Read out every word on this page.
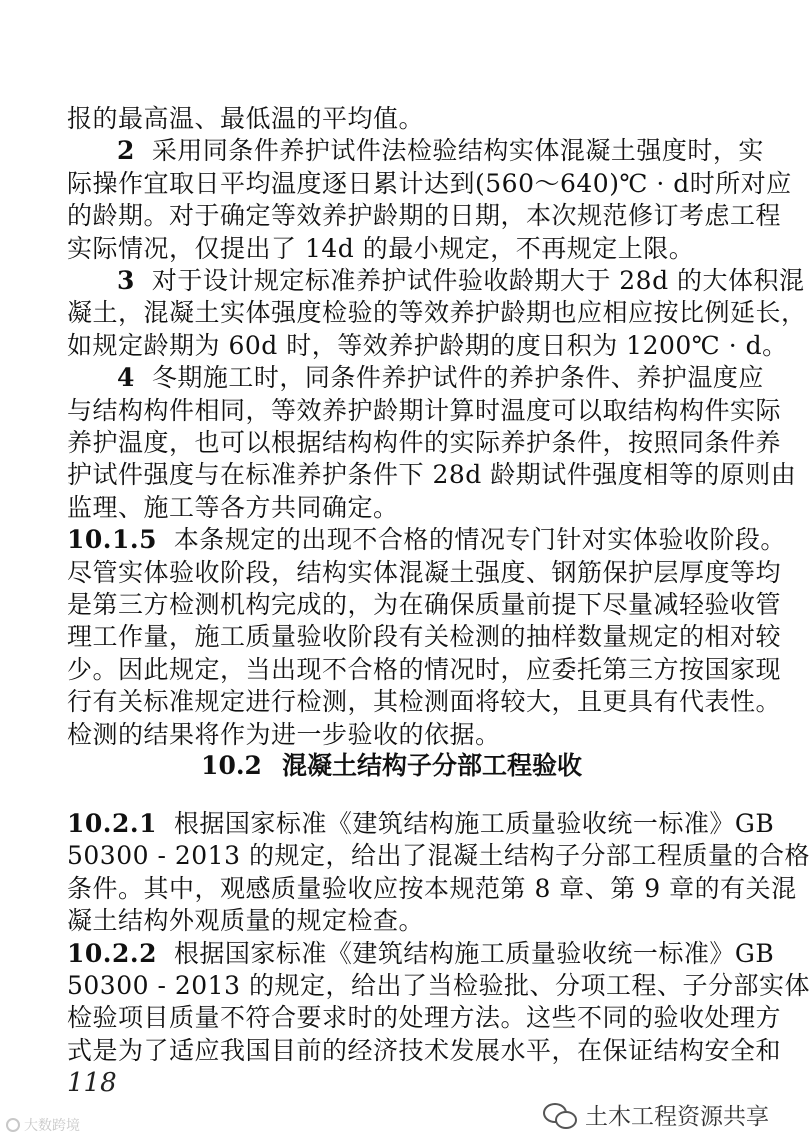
报的最高温、最低温的平均值。
2 采用同条件养护试件法检验结构实体混凝土强度时，实
际操作宜取日平均温度逐日累计达到(560～640)℃ · d时所对应
的龄期。对于确定等效养护龄期的日期，本次规范修订考虑工程
实际情况，仅提出了 14d 的最小规定，不再规定上限。
3 对于设计规定标准养护试件验收龄期大于 28d 的大体积混
凝土，混凝土实体强度检验的等效养护龄期也应相应按比例延长，
如规定龄期为 60d 时，等效养护龄期的度日积为 1200℃ · d。
4 冬期施工时，同条件养护试件的养护条件、养护温度应
与结构构件相同，等效养护龄期计算时温度可以取结构构件实际
养护温度，也可以根据结构构件的实际养护条件，按照同条件养
护试件强度与在标准养护条件下 28d 龄期试件强度相等的原则由
监理、施工等各方共同确定。
10.1.5 本条规定的出现不合格的情况专门针对实体验收阶段。
尽管实体验收阶段，结构实体混凝土强度、钢筋保护层厚度等均
是第三方检测机构完成的，为在确保质量前提下尽量减轻验收管
理工作量，施工质量验收阶段有关检测的抽样数量规定的相对较
10.2 混凝土结构子分部工程验收
10.2.1 根据国家标准《建筑结构施工质量验收统一标准》GB
50300 - 2013 的规定，给出了混凝土结构子分部工程质量的合格
条件。其中，观感质量验收应按本规范第 8 章、第 9 章的有关混
凝土结构外观质量的规定检查。
10.2.2 根据国家标准《建筑结构施工质量验收统一标准》GB
50300 - 2013 的规定，给出了当检验批、分项工程、子分部实体
118
大数跨境	土木工程资源共享
少。因此规定，当出现不合格的情况时，应委托第三方按国家现
行有关标准规定进行检测，其检测面将较大，且更具有代表性。
检测的结果将作为进一步验收的依据。
检验项目质量不符合要求时的处理方法。这些不同的验收处理方
式是为了适应我国目前的经济技术发展水平，在保证结构安全和
